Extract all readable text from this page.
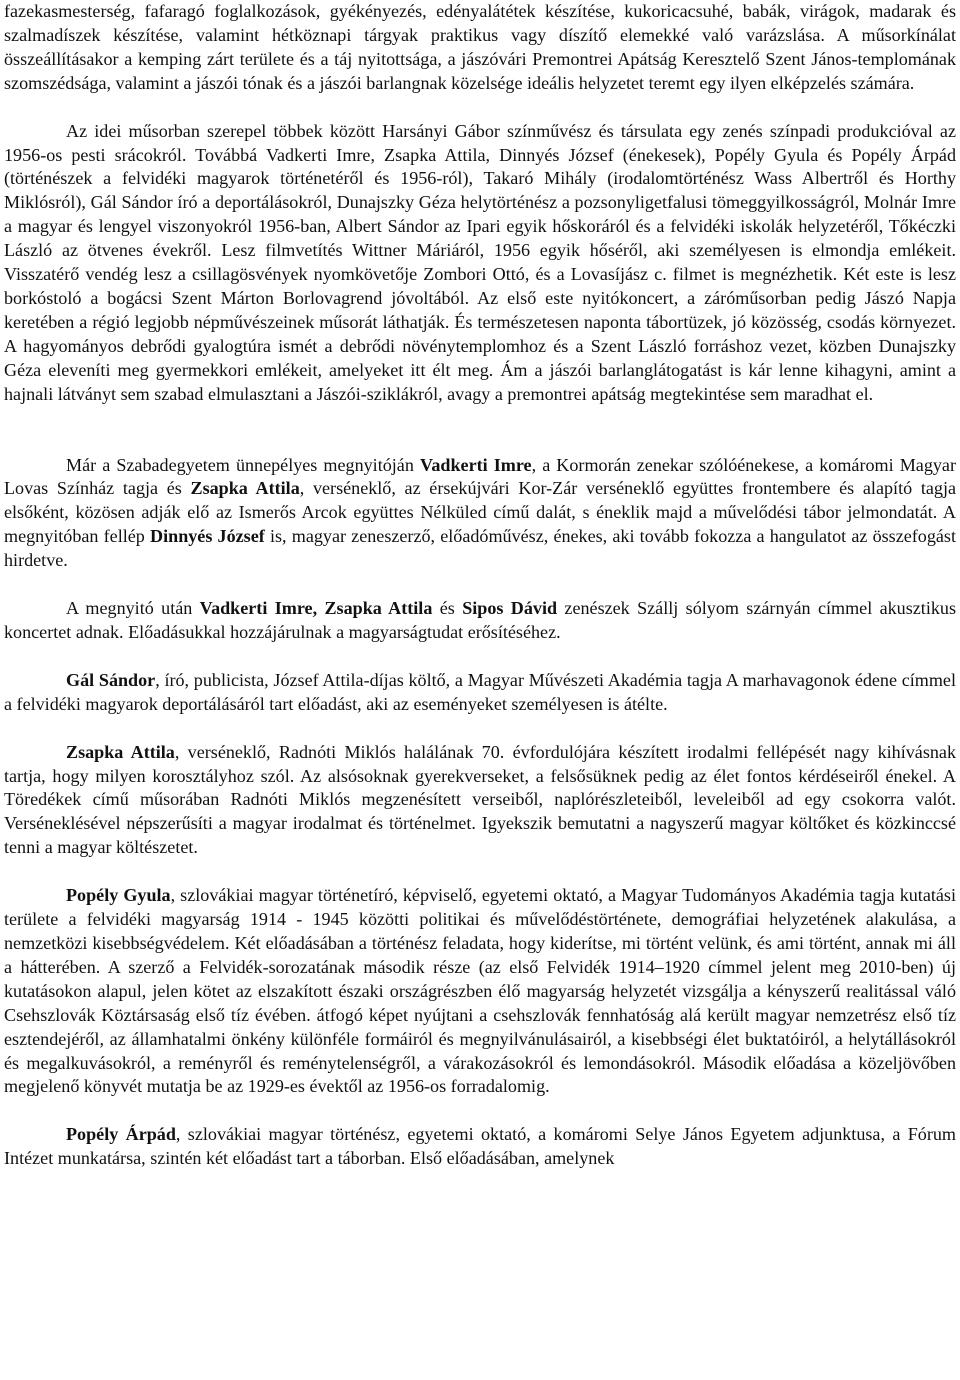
fazekasmesterség, fafaragó foglalkozások, gyékényezés, edényalátétek készítése, kukoricacsuhé, babák, virágok, madarak és szalmadíszek készítése, valamint hétköznapi tárgyak praktikus vagy díszítő elemekké való varázslása. A műsorkínálat összeállításakor a kemping zárt területe és a táj nyitottsága, a jászóvári Premontrei Apátság Keresztelő Szent János-templomának szomszédsága, valamint a jászói tónak és a jászói barlangnak közelsége ideális helyzetet teremt egy ilyen elképzelés számára.

Az idei műsorban szerepel többek között Harsányi Gábor színművész és társulata egy zenés színpadi produkcióval az 1956-os pesti srácokról. Továbbá Vadkerti Imre, Zsapka Attila, Dinnyés József (énekesek), Popély Gyula és Popély Árpád (történészek a felvidéki magyarok történetéről és 1956-ról), Takaró Mihály (irodalomtörténész Wass Albertről és Horthy Miklósról), Gál Sándor író a deportálásokról, Dunajszky Géza helytörténész a pozsonyligetfalusi tömeggyilkosságról, Molnár Imre a magyar és lengyel viszonyokról 1956-ban, Albert Sándor az Ipari egyik hőskoráról és a felvidéki iskolák helyzetéről, Tőkéczki László az ötvenes évekről. Lesz filmvetítés Wittner Máriáról, 1956 egyik hőséről, aki személyesen is elmondja emlékeit. Visszatérő vendég lesz a csillagösvények nyomkövetője Zombori Ottó, és a Lovasíjász c. filmet is megnézhetik. Két este is lesz borkóstoló a bogácsi Szent Márton Borlovagrend jóvoltából. Az első este nyitókoncert, a záróműsorban pedig Jászó Napja keretében a régió legjobb népművészeinek műsorát láthatják. És természetesen naponta tábortüzek, jó közösség, csodás környezet. A hagyományos debrődi gyalogtúra ismét a debrődi növénytemplomhoz és a Szent László forráshoz vezet, közben Dunajszky Géza eleveníti meg gyermekkori emlékeit, amelyeket itt élt meg. Ám a jászói barlanglátogatást is kár lenne kihagyni, amint a hajnali látványt sem szabad elmulasztani a Jászói-sziklákról, avagy a premontrei apátság megtekintése sem maradhat el.

Már a Szabadegyetem ünnepélyes megnyitóján Vadkerti Imre, a Kormorán zenekar szólóénekese, a komáromi Magyar Lovas Színház tagja és Zsapka Attila, verséneklő, az érsekújvári Kor-Zár verséneklő együttes frontembere és alapító tagja elsőként, közösen adják elő az Ismerős Arcok együttes Nélküled című dalát, s éneklik majd a művelődési tábor jelmondatát. A megnyitóban fellép Dinnyés József is, magyar zeneszerző, előadóművész, énekes, aki tovább fokozza a hangulatot az összefogást hirdetve.

A megnyitó után Vadkerti Imre, Zsapka Attila és Sipos Dávid zenészek Szállj sólyom szárnyán címmel akusztikus koncertet adnak. Előadásukkal hozzájárulnak a magyarságtudat erősítéséhez.

Gál Sándor, író, publicista, József Attila-díjas költő, a Magyar Művészeti Akadémia tagja A marhavagonok édene címmel a felvidéki magyarok deportálásáról tart előadást, aki az eseményeket személyesen is átélte.

Zsapka Attila, verséneklő, Radnóti Miklós halálának 70. évfordulójára készített irodalmi fellépését nagy kihívásnak tartja, hogy milyen korosztályhoz szól. Az alsósoknak gyerekverseket, a felsősüknek pedig az élet fontos kérdéseiről énekel. A Töredékek című műsorában Radnóti Miklós megzenésített verseiből, naplórészleteiből, leveleiből ad egy csokorra valót. Verséneklésével népszerűsíti a magyar irodalmat és történelmet. Igyekszik bemutatni a nagyszerű magyar költőket és közkinccsé tenni a magyar költészetet.

Popély Gyula, szlovákiai magyar történetíró, képviselő, egyetemi oktató, a Magyar Tudományos Akadémia tagja kutatási területe a felvidéki magyarság 1914 - 1945 közötti politikai és művelődéstörténete, demográfiai helyzetének alakulása, a nemzetközi kisebbségvédelem. Két előadásában a történész feladata, hogy kiderítse, mi történt velünk, és ami történt, annak mi áll a hátterében. A szerző a Felvidék-sorozatának második része (az első Felvidék 1914–1920 címmel jelent meg 2010-ben) új kutatásokon alapul, jelen kötet az elszakított északi országrészben élő magyarság helyzetét vizsgálja a kényszerű realitással váló Csehszlovák Köztársaság első tíz évében. átfogó képet nyújtani a csehszlovák fennhatóság alá került magyar nemzetrész első tíz esztendejéről, az államhatalmi önkény különféle formáiról és megnyilvánulásairól, a kisebbségi élet buktatóiról, a helytállásokról és megalkuvásokról, a reményről és reménytelenségről, a várakozásokról és lemondásokról. Második előadása a közeljövőben megjelenő könyvét mutatja be az 1929-es évektől az 1956-os forradalomig.

Popély Árpád, szlovákiai magyar történész, egyetemi oktató, a komáromi Selye János Egyetem adjunktusa, a Fórum Intézet munkatársa, szintén két előadást tart a táborban. Első előadásában, amelynek
